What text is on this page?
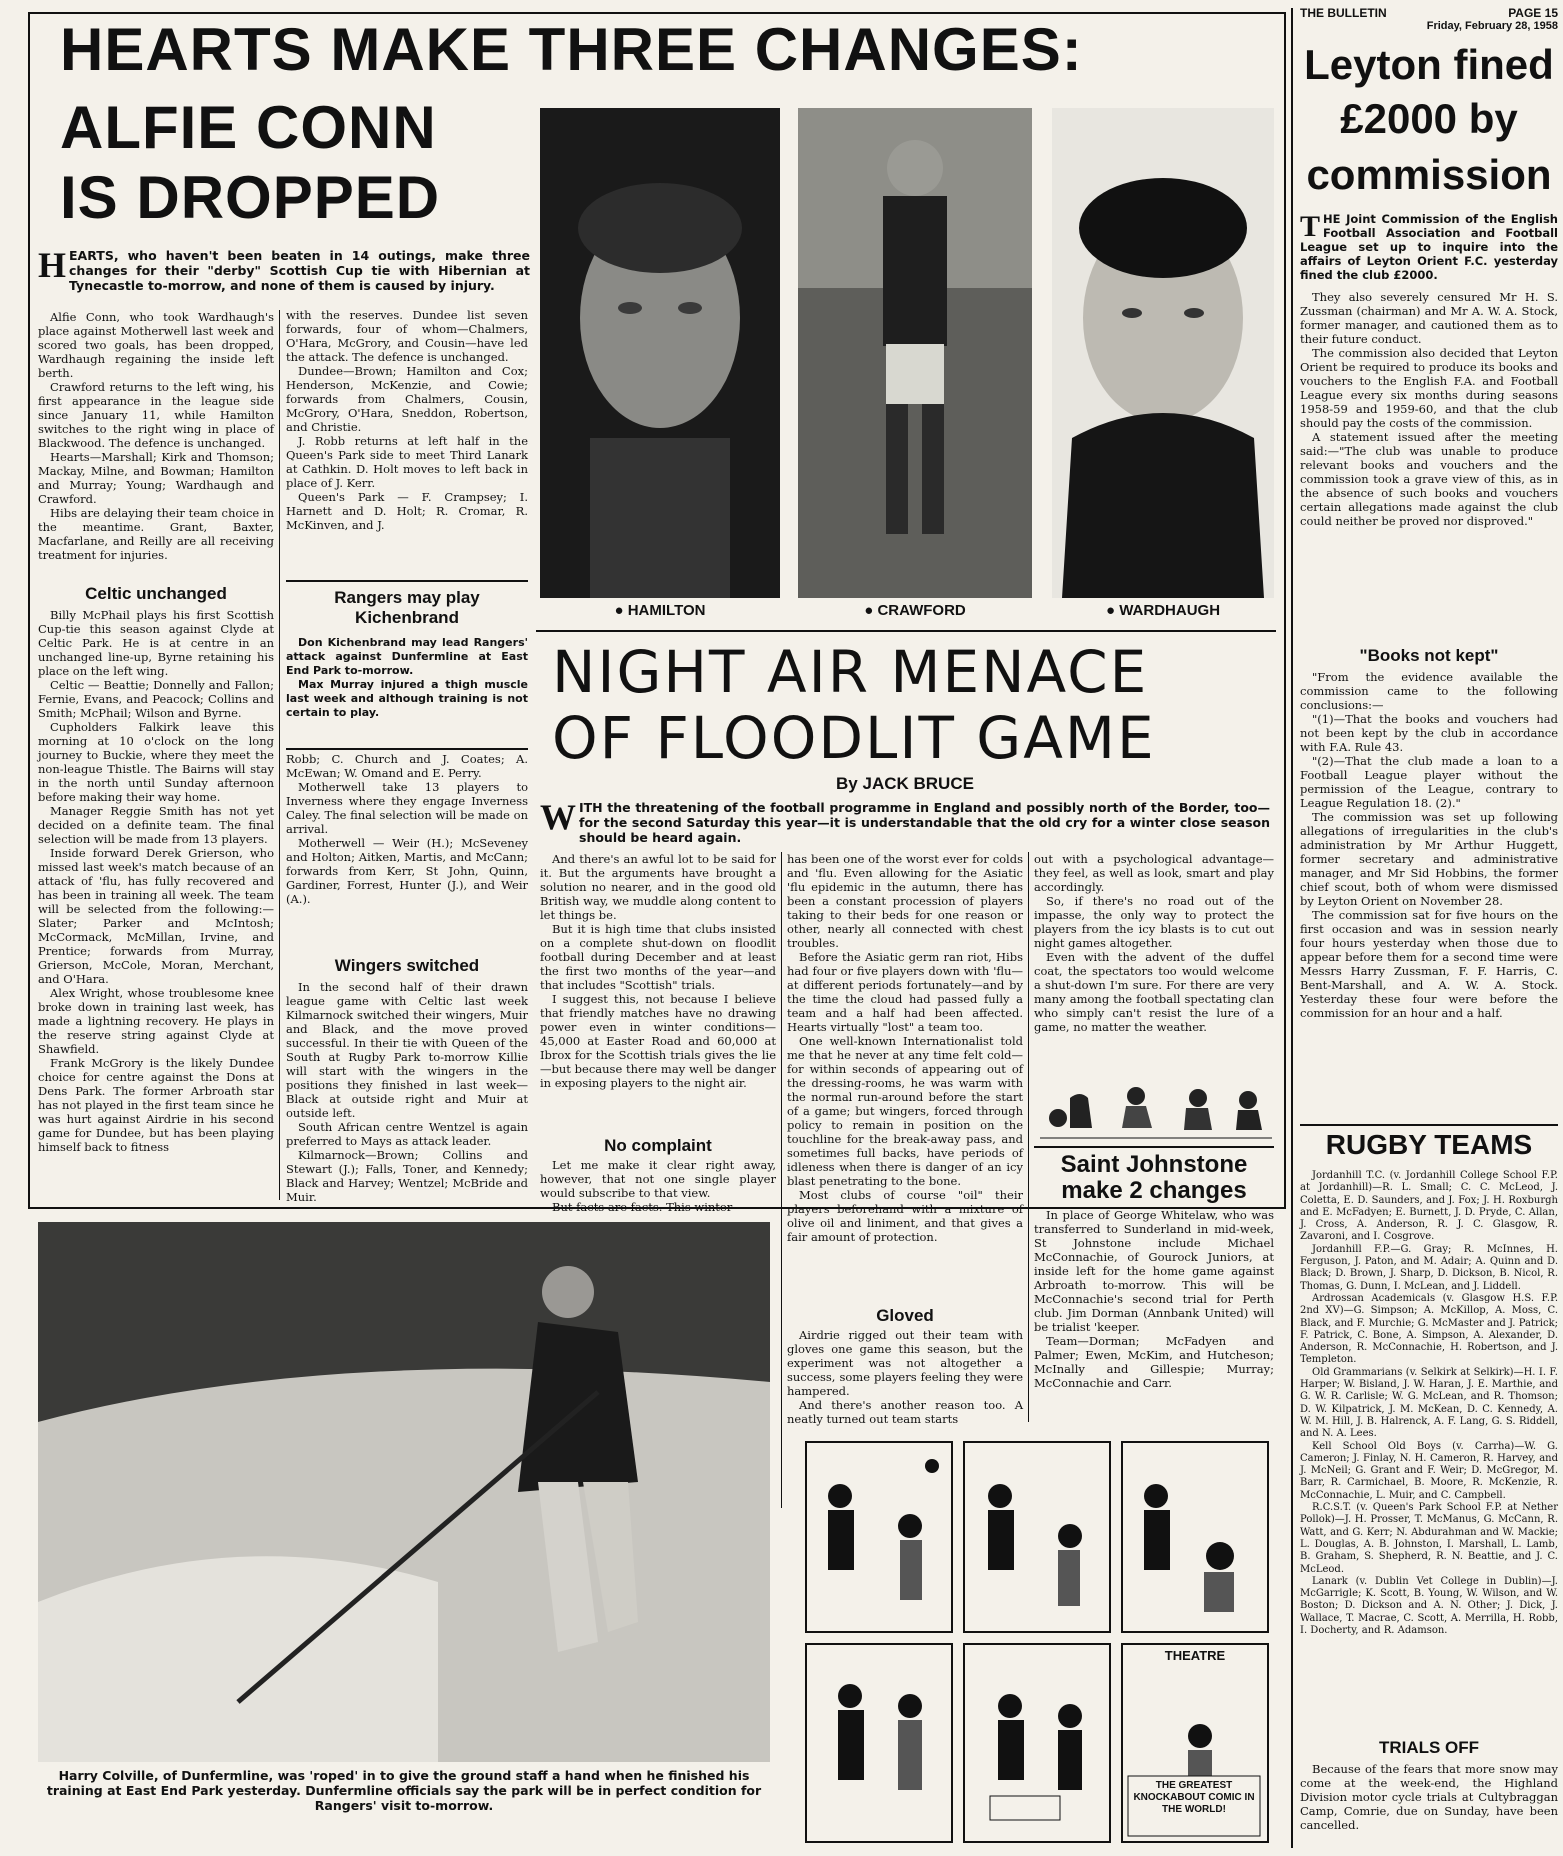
THE BULLETIN	PAGE 15
Friday, February 28, 1958
HEARTS MAKE THREE CHANGES:
ALFIE CONN
IS DROPPED

HEARTS, who haven't been beaten in 14 outings, make three changes for their "derby" Scottish Cup tie with Hibernian at Tynecastle to-morrow, and none of them is caused by injury.

Alfie Conn, who took Wardhaugh's place against Motherwell last week and scored two goals, has been dropped, Wardhaugh regaining the inside left berth.

Crawford returns to the left wing, his first appearance in the league side since January 11, while Hamilton switches to the right wing in place of Blackwood. The defence is unchanged.

Hearts—Marshall; Kirk and Thomson; Mackay, Milne, and Bowman; Hamilton and Murray; Young; Wardhaugh and Crawford.

Hibs are delaying their team choice in the meantime. Grant, Baxter, Macfarlane, and Reilly are all receiving treatment for injuries.

Celtic unchanged

Billy McPhail plays his first Scottish Cup-tie this season against Clyde at Celtic Park. He is at centre in an unchanged line-up, Byrne retaining his place on the left wing.

Celtic — Beattie; Donnelly and Fallon; Fernie, Evans, and Peacock; Collins and Smith; McPhail; Wilson and Byrne.

Cupholders Falkirk leave this morning at 10 o'clock on the long journey to Buckie, where they meet the non-league Thistle. The Bairns will stay in the north until Sunday afternoon before making their way home.

Manager Reggie Smith has not yet decided on a definite team. The final selection will be made from 13 players.

Inside forward Derek Grierson, who missed last week's match because of an attack of 'flu, has fully recovered and has been in training all week. The team will be selected from the following:—Slater; Parker and McIntosh; McCormack, McMillan, Irvine, and Prentice; forwards from Murray, Grierson, McCole, Moran, Merchant, and O'Hara.

Alex Wright, whose troublesome knee broke down in training last week, has made a lightning recovery. He plays in the reserve string against Clyde at Shawfield.

Frank McGrory is the likely Dundee choice for centre against the Dons at Dens Park. The former Arbroath star has not played in the first team since he was hurt against Airdrie in his second game for Dundee, but has been playing himself back to fitness

with the reserves. Dundee list seven forwards, four of whom—Chalmers, O'Hara, McGrory, and Cousin—have led the attack. The defence is unchanged.

Dundee—Brown; Hamilton and Cox; Henderson, McKenzie, and Cowie; forwards from Chalmers, Cousin, McGrory, O'Hara, Sneddon, Robertson, and Christie.

J. Robb returns at left half in the Queen's Park side to meet Third Lanark at Cathkin. D. Holt moves to left back in place of J. Kerr.

Queen's Park — F. Crampsey; I. Harnett and D. Holt; R. Cromar, R. McKinven, and J.

Rangers may play Kichenbrand

Don Kichenbrand may lead Rangers' attack against Dunfermline at East End Park to-morrow.

Max Murray injured a thigh muscle last week and although training is not certain to play.

Robb; C. Church and J. Coates; A. McEwan; W. Omand and E. Perry.

Motherwell take 13 players to Inverness where they engage Inverness Caley. The final selection will be made on arrival.

Motherwell — Weir (H.); McSeveney and Holton; Aitken, Martis, and McCann; forwards from Kerr, St John, Quinn, Gardiner, Forrest, Hunter (J.), and Weir (A.).

Wingers switched

In the second half of their drawn league game with Celtic last week Kilmarnock switched their wingers, Muir and Black, and the move proved successful. In their tie with Queen of the South at Rugby Park to-morrow Killie will start with the wingers in the positions they finished in last week—Black at outside right and Muir at outside left.

South African centre Wentzel is again preferred to Mays as attack leader.

Kilmarnock—Brown; Collins and Stewart (J.); Falls, Toner, and Kennedy; Black and Harvey; Wentzel; McBride and Muir.

● HAMILTON	● CRAWFORD	● WARDHAUGH
NIGHT AIR MENACE
OF FLOODLIT GAME
By JACK BRUCE

WITH the threatening of the football programme in England and possibly north of the Border, too—for the second Saturday this year—it is understandable that the old cry for a winter close season should be heard again.

And there's an awful lot to be said for it. But the arguments have brought a solution no nearer, and in the good old British way, we muddle along content to let things be.

But it is high time that clubs insisted on a complete shut-down on floodlit football during December and at least the first two months of the year—and that includes "Scottish" trials.

I suggest this, not because I believe that friendly matches have no drawing power even in winter conditions—45,000 at Easter Road and 60,000 at Ibrox for the Scottish trials gives the lie—but because there may well be danger in exposing players to the night air.

No complaint

Let me make it clear right away, however, that not one single player would subscribe to that view.

But facts are facts. This winter

has been one of the worst ever for colds and 'flu. Even allowing for the Asiatic 'flu epidemic in the autumn, there has been a constant procession of players taking to their beds for one reason or other, nearly all connected with chest troubles.

Before the Asiatic germ ran riot, Hibs had four or five players down with 'flu—at different periods fortunately—and by the time the cloud had passed fully a team and a half had been affected. Hearts virtually "lost" a team too.

One well-known Internationalist told me that he never at any time felt cold—for within seconds of appearing out of the dressing-rooms, he was warm with the normal run-around before the start of a game; but wingers, forced through policy to remain in position on the touchline for the break-away pass, and sometimes full backs, have periods of idleness when there is danger of an icy blast penetrating to the bone.

Most clubs of course "oil" their players beforehand with a mixture of olive oil and liniment, and that gives a fair amount of protection.

Gloved

Airdrie rigged out their team with gloves one game this season, but the experiment was not altogether a success, some players feeling they were hampered.

And there's another reason too. A neatly turned out team starts

out with a psychological advantage—they feel, as well as look, smart and play accordingly.

So, if there's no road out of the impasse, the only way to protect the players from the icy blasts is to cut out night games altogether.

Even with the advent of the duffel coat, the spectators too would welcome a shut-down I'm sure. For there are very many among the football spectating clan who simply can't resist the lure of a game, no matter the weather.

Saint Johnstone
make 2 changes

In place of George Whitelaw, who was transferred to Sunderland in mid-week, St Johnstone include Michael McConnachie, of Gourock Juniors, at inside left for the home game against Arbroath to-morrow. This will be McConnachie's second trial for Perth club. Jim Dorman (Annbank United) will be trialist 'keeper.

Team—Dorman; McFadyen and Palmer; Ewen, McKim, and Hutcheson; McInally and Gillespie; Murray; McConnachie and Carr.

Harry Colville, of Dunfermline, was 'roped' in to give the ground staff a hand when he finished his training at East End Park yesterday. Dunfermline officials say the park will be in perfect condition for Rangers' visit to-morrow.
THEATRE
THE GREATEST KNOCKABOUT COMIC IN THE WORLD!
Leyton fined
£2000 by
commission

THE Joint Commission of the English Football Association and Football League set up to inquire into the affairs of Leyton Orient F.C. yesterday fined the club £2000.

They also severely censured Mr H. S. Zussman (chairman) and Mr A. W. A. Stock, former manager, and cautioned them as to their future conduct.

The commission also decided that Leyton Orient be required to produce its books and vouchers to the English F.A. and Football League every six months during seasons 1958-59 and 1959-60, and that the club should pay the costs of the commission.

A statement issued after the meeting said:—"The club was unable to produce relevant books and vouchers and the commission took a grave view of this, as in the absence of such books and vouchers certain allegations made against the club could neither be proved nor disproved."

"Books not kept"

"From the evidence available the commission came to the following conclusions:—

"(1)—That the books and vouchers had not been kept by the club in accordance with F.A. Rule 43.

"(2)—That the club made a loan to a Football League player without the permission of the League, contrary to League Regulation 18. (2)."

The commission was set up following allegations of irregularities in the club's administration by Mr Arthur Huggett, former secretary and administrative manager, and Mr Sid Hobbins, the former chief scout, both of whom were dismissed by Leyton Orient on November 28.

The commission sat for five hours on the first occasion and was in session nearly four hours yesterday when those due to appear before them for a second time were Messrs Harry Zussman, F. F. Harris, C. Bent-Marshall, and A. W. A. Stock. Yesterday these four were before the commission for an hour and a half.

RUGBY TEAMS

Jordanhill T.C. (v. Jordanhill College School F.P. at Jordanhill)—R. L. Small; C. C. McLeod, J. Coletta, E. D. Saunders, and J. Fox; J. H. Roxburgh and E. McFadyen; E. Burnett, J. D. Pryde, C. Allan, J. Cross, A. Anderson, R. J. C. Glasgow, R. Zavaroni, and I. Cosgrove.

Jordanhill F.P.—G. Gray; R. McInnes, H. Ferguson, J. Paton, and M. Adair; A. Quinn and D. Black; D. Brown, J. Sharp, D. Dickson, B. Nicol, R. Thomas, G. Dunn, I. McLean, and J. Liddell.

Ardrossan Academicals (v. Glasgow H.S. F.P. 2nd XV)—G. Simpson; A. McKillop, A. Moss, C. Black, and F. Murchie; G. McMaster and J. Patrick; F. Patrick, C. Bone, A. Simpson, A. Alexander, D. Anderson, R. McConnachie, H. Robertson, and J. Templeton.

Old Grammarians (v. Selkirk at Selkirk)—H. I. F. Harper; W. Bisland, J. W. Haran, J. E. Marthie, and G. W. R. Carlisle; W. G. McLean, and R. Thomson; D. W. Kilpatrick, J. M. McKean, D. C. Kennedy, A. W. M. Hill, J. B. Halrenck, A. F. Lang, G. S. Riddell, and N. A. Lees.

Kell School Old Boys (v. Carrha)—W. G. Cameron; J. Finlay, N. H. Cameron, R. Harvey, and J. McNeil; G. Grant and F. Weir; D. McGregor, M. Barr, R. Carmichael, B. Moore, R. McKenzie, R. McConnachie, L. Muir, and C. Campbell.

R.C.S.T. (v. Queen's Park School F.P. at Nether Pollok)—J. H. Prosser, T. McManus, G. McCann, R. Watt, and G. Kerr; N. Abdurahman and W. Mackie; L. Douglas, A. B. Johnston, I. Marshall, L. Lamb, B. Graham, S. Shepherd, R. N. Beattie, and J. C. McLeod.

Lanark (v. Dublin Vet College in Dublin)—J. McGarrigle; K. Scott, B. Young, W. Wilson, and W. Boston; D. Dickson and A. N. Other; J. Dick, J. Wallace, T. Macrae, C. Scott, A. Merrilla, H. Robb, I. Docherty, and R. Adamson.

TRIALS OFF

Because of the fears that more snow may come at the week-end, the Highland Division motor cycle trials at Cultybraggan Camp, Comrie, due on Sunday, have been cancelled.
